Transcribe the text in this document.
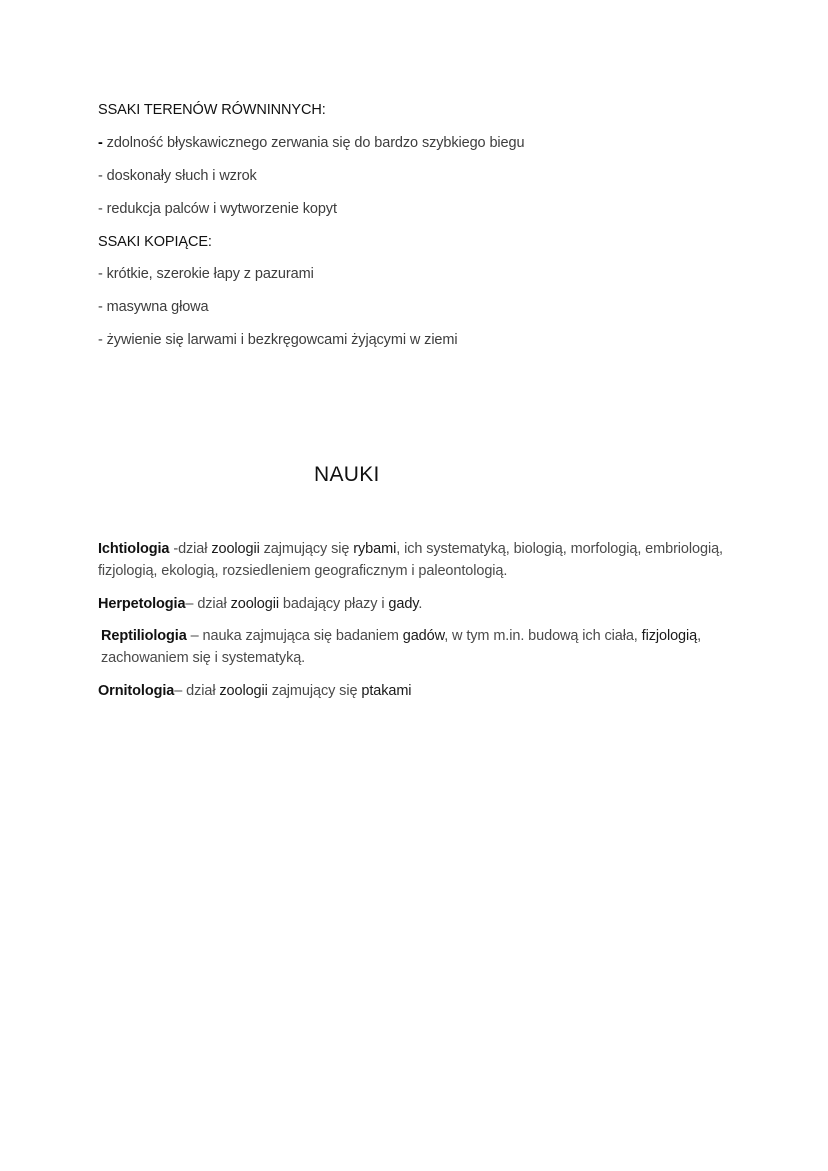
SSAKI TERENÓW RÓWNINNYCH:
- zdolność błyskawicznego zerwania się do bardzo szybkiego biegu
- doskonały słuch i wzrok
- redukcja palców i wytworzenie kopyt
SSAKI KOPIĄCE:
- krótkie, szerokie łapy z pazurami
- masywna głowa
- żywienie się larwami i bezkręgowcami żyjącymi w ziemi
NAUKI
Ichtiologia -dział zoologii zajmujący się rybami, ich systematyką, biologią, morfologią, embriologią, fizjologią, ekologią, rozsiedleniem geograficznym i paleontologią.
Herpetologia– dział zoologii badający płazy i gady.
Reptiliologia – nauka zajmująca się badaniem gadów, w tym m.in. budową ich ciała, fizjologią, zachowaniem się i systematyką.
Ornitologia– dział zoologii zajmujący się ptakami
